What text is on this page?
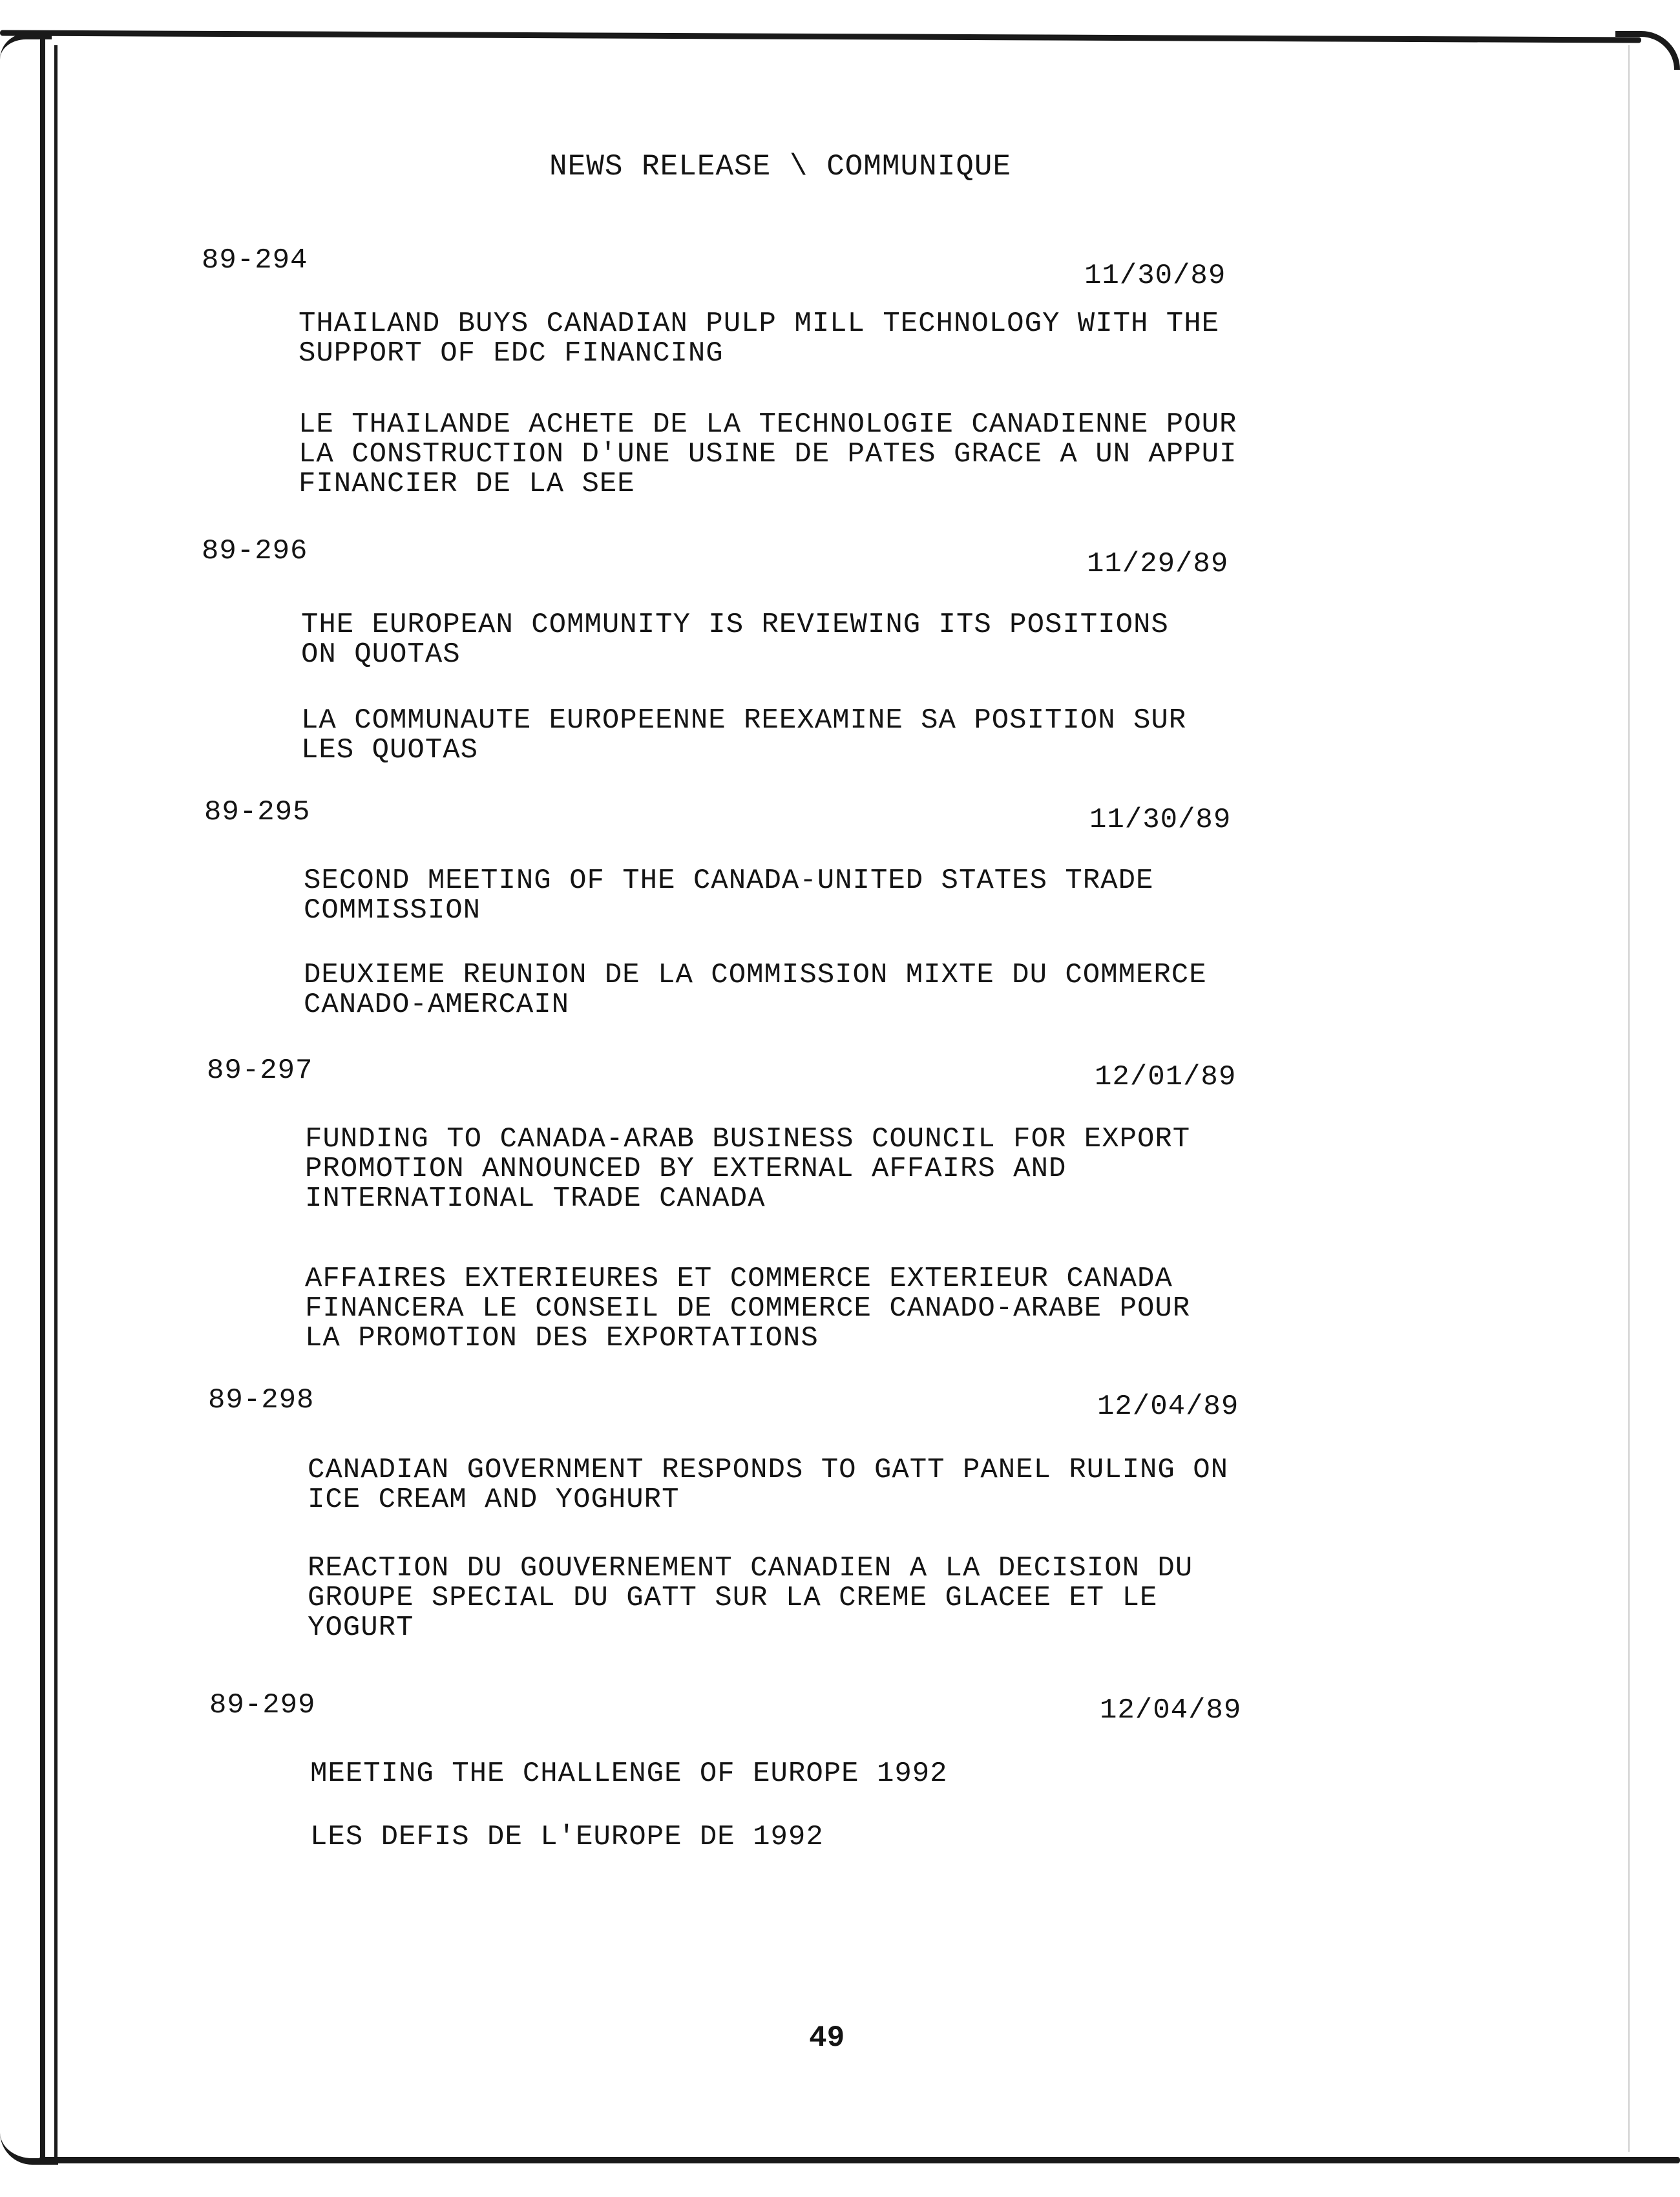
NEWS RELEASE \ COMMUNIQUE
89-294	11/30/89
THAILAND BUYS CANADIAN PULP MILL TECHNOLOGY WITH THE
SUPPORT OF EDC FINANCING
LE THAILANDE ACHETE DE LA TECHNOLOGIE CANADIENNE POUR
LA CONSTRUCTION D'UNE USINE DE PATES GRACE A UN APPUI
FINANCIER DE LA SEE
89-296	11/29/89
THE EUROPEAN COMMUNITY IS REVIEWING ITS POSITIONS
ON QUOTAS
LA COMMUNAUTE EUROPEENNE REEXAMINE SA POSITION SUR
LES QUOTAS
89-295	11/30/89
SECOND MEETING OF THE CANADA-UNITED STATES TRADE
COMMISSION
DEUXIEME REUNION DE LA COMMISSION MIXTE DU COMMERCE
CANADO-AMERCAIN
89-297	12/01/89
FUNDING TO CANADA-ARAB BUSINESS COUNCIL FOR EXPORT
PROMOTION ANNOUNCED BY EXTERNAL AFFAIRS AND
INTERNATIONAL TRADE CANADA
AFFAIRES EXTERIEURES ET COMMERCE EXTERIEUR CANADA
FINANCERA LE CONSEIL DE COMMERCE CANADO-ARABE POUR
LA PROMOTION DES EXPORTATIONS
89-298	12/04/89
CANADIAN GOVERNMENT RESPONDS TO GATT PANEL RULING ON
ICE CREAM AND YOGHURT
REACTION DU GOUVERNEMENT CANADIEN A LA DECISION DU
GROUPE SPECIAL DU GATT SUR LA CREME GLACEE ET LE
YOGURT
89-299	12/04/89
MEETING THE CHALLENGE OF EUROPE 1992
LES DEFIS DE L'EUROPE DE 1992
49
